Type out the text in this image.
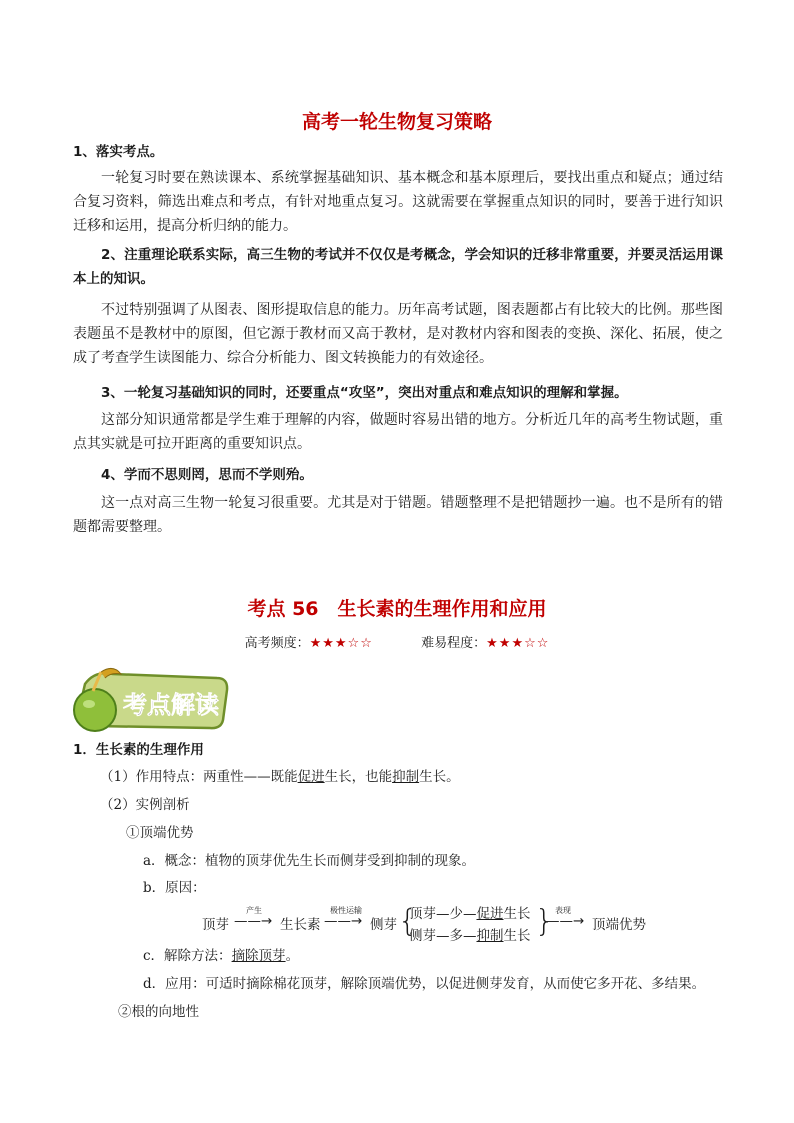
高考一轮生物复习策略
1、落实考点。
一轮复习时要在熟读课本、系统掌握基础知识、基本概念和基本原理后，要找出重点和疑点；通过结合复习资料，筛选出难点和考点，有针对地重点复习。这就需要在掌握重点知识的同时，要善于进行知识迁移和运用，提高分析归纳的能力。
2、注重理论联系实际，高三生物的考试并不仅仅是考概念，学会知识的迁移非常重要，并要灵活运用课本上的知识。
不过特别强调了从图表、图形提取信息的能力。历年高考试题，图表题都占有比较大的比例。那些图表题虽不是教材中的原图，但它源于教材而又高于教材，是对教材内容和图表的变换、深化、拓展，使之成了考查学生读图能力、综合分析能力、图文转换能力的有效途径。
3、一轮复习基础知识的同时，还要重点“攻坚”，突出对重点和难点知识的理解和掌握。
这部分知识通常都是学生难于理解的内容，做题时容易出错的地方。分析近几年的高考生物试题，重点其实就是可拉开距离的重要知识点。
4、学而不思则罔，思而不学则殆。
这一点对高三生物一轮复习很重要。尤其是对于错题。错题整理不是把错题抄一遍。也不是所有的错题都需要整理。
考点 56　生长素的生理作用和应用
高考频度：★★★☆☆	难易程度：★★★☆☆
考点解读
1．生长素的生理作用
（1）作用特点：两重性——既能促进生长，也能抑制生长。
（2）实例剖析
①顶端优势
a．概念：植物的顶芽优先生长而侧芽受到抑制的现象。
b．原因：
顶芽
产生
——→ 生长素
极性运输
——→ 侧芽 {
顶芽—少—促进生长
侧芽—多—抑制生长 } 表现
——→ 顶端优势
c．解除方法：摘除顶芽。
d．应用：可适时摘除棉花顶芽，解除顶端优势，以促进侧芽发育，从而使它多开花、多结果。
②根的向地性
